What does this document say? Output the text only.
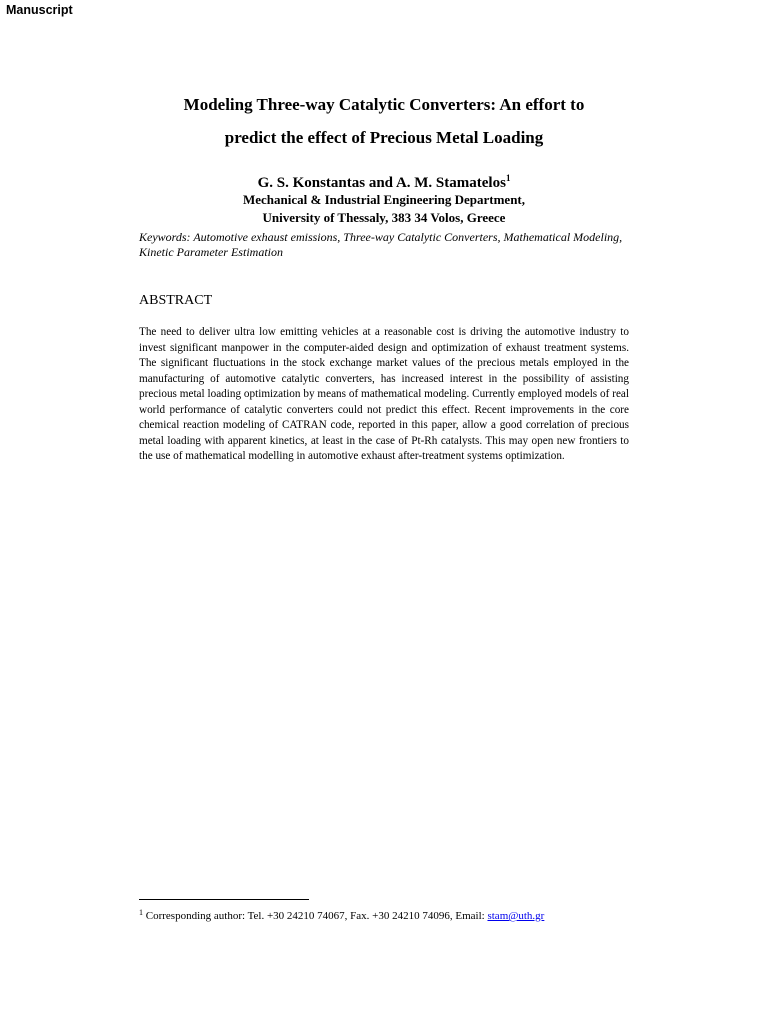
Manuscript
Modeling Three-way Catalytic Converters: An effort to
predict the effect of Precious Metal Loading
G. S. Konstantas and A. M. Stamatelos$^1$
Mechanical & Industrial Engineering Department,
University of Thessaly, 383 34 Volos, Greece
Keywords: Automotive exhaust emissions, Three-way Catalytic Converters, Mathematical Modeling, Kinetic Parameter Estimation
ABSTRACT
The need to deliver ultra low emitting vehicles at a reasonable cost is driving the automotive industry to invest significant manpower in the computer-aided design and optimization of exhaust treatment systems. The significant fluctuations in the stock exchange market values of the precious metals employed in the manufacturing of automotive catalytic converters, has increased interest in the possibility of assisting precious metal loading optimization by means of mathematical modeling. Currently employed models of real world performance of catalytic converters could not predict this effect. Recent improvements in the core chemical reaction modeling of CATRAN code, reported in this paper, allow a good correlation of precious metal loading with apparent kinetics, at least in the case of Pt-Rh catalysts. This may open new frontiers to the use of mathematical modelling in automotive exhaust after-treatment systems optimization.
$^1$ Corresponding author: Tel. +30 24210 74067, Fax. +30 24210 74096, Email: stam@uth.gr
